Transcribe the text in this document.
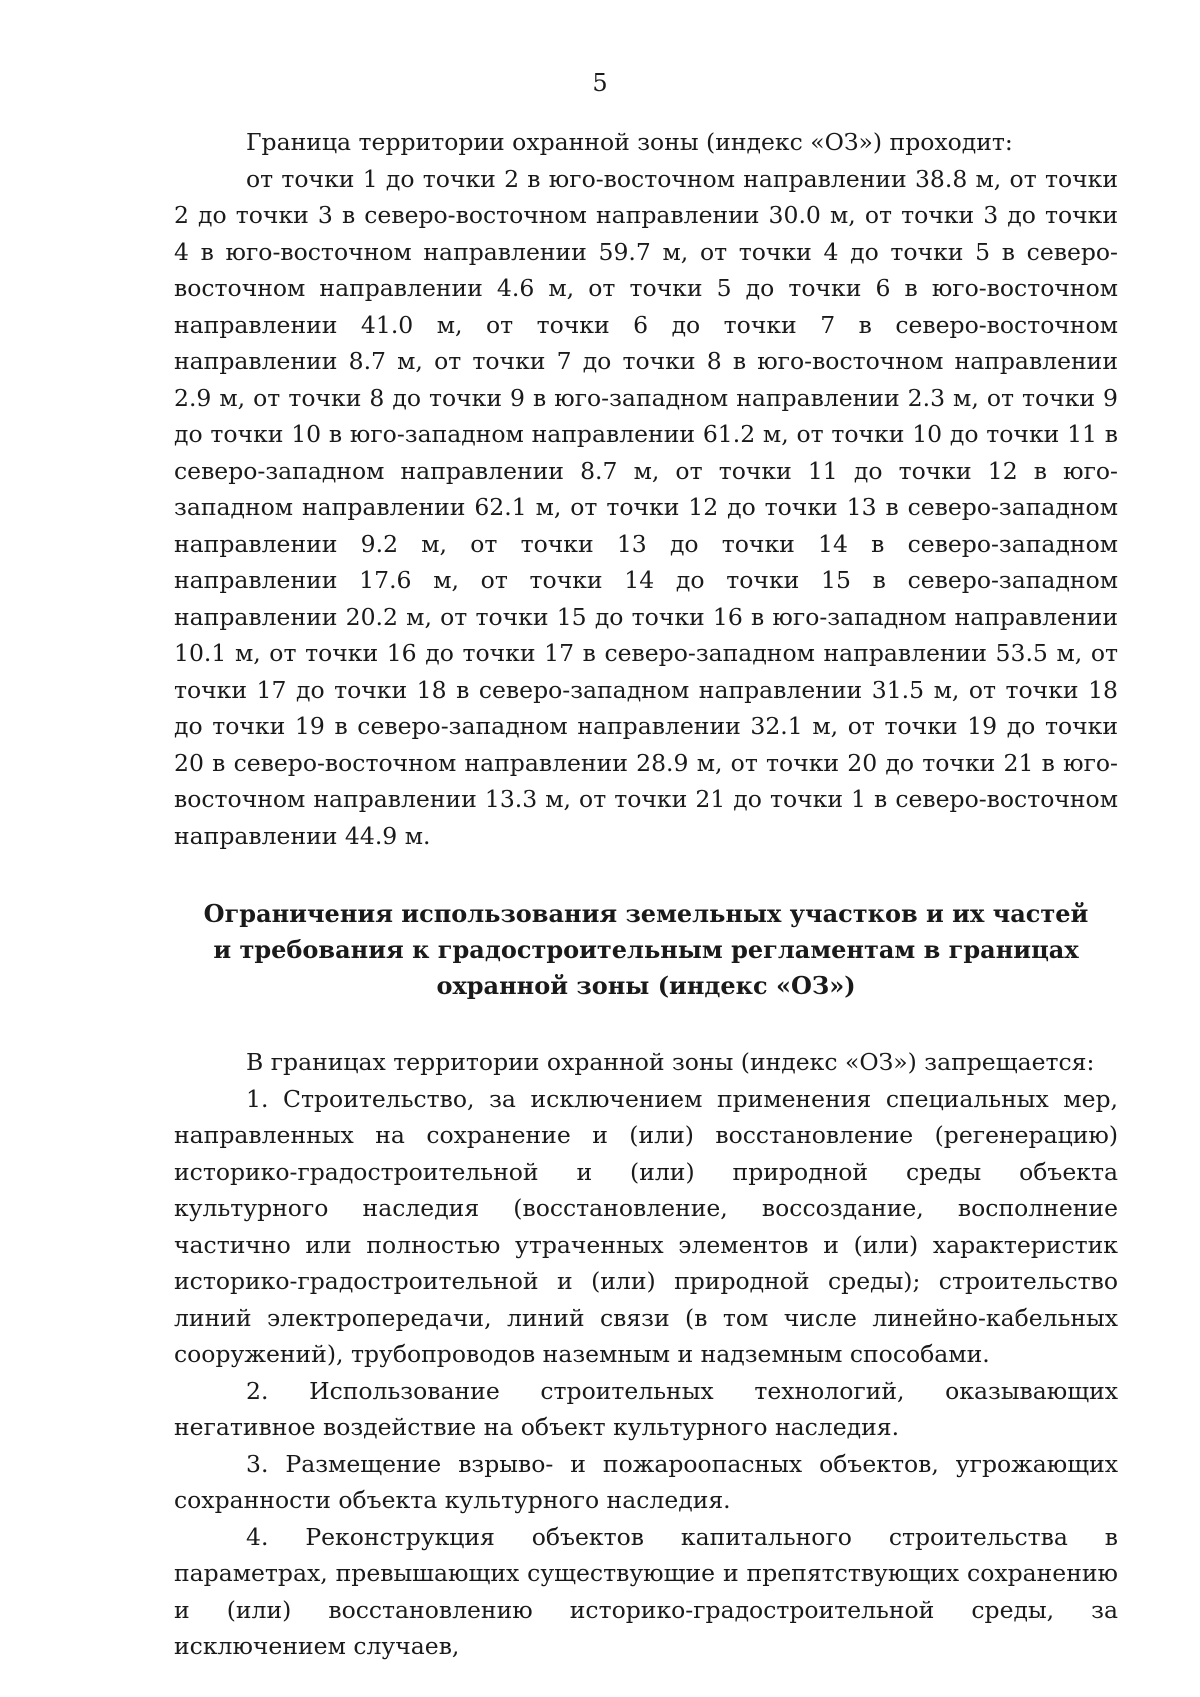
5

Граница территории охранной зоны (индекс «ОЗ») проходит:

от точки 1 до точки 2 в юго-восточном направлении 38.8 м, от точки 2 до точки 3 в северо-восточном направлении 30.0 м, от точки 3 до точки 4 в юго-восточном направлении 59.7 м, от точки 4 до точки 5 в северо-восточном направлении 4.6 м, от точки 5 до точки 6 в юго-восточном направлении 41.0 м, от точки 6 до точки 7 в северо-восточном направлении 8.7 м, от точки 7 до точки 8 в юго-восточном направлении 2.9 м, от точки 8 до точки 9 в юго-западном направлении 2.3 м, от точки 9 до точки 10 в юго-западном направлении 61.2 м, от точки 10 до точки 11 в северо-западном направлении 8.7 м, от точки 11 до точки 12 в юго-западном направлении 62.1 м, от точки 12 до точки 13 в северо-западном направлении 9.2 м, от точки 13 до точки 14 в северо-западном направлении 17.6 м, от точки 14 до точки 15 в северо-западном направлении 20.2 м, от точки 15 до точки 16 в юго-западном направлении 10.1 м, от точки 16 до точки 17 в северо-западном направлении 53.5 м, от точки 17 до точки 18 в северо-западном направлении 31.5 м, от точки 18 до точки 19 в северо-западном направлении 32.1 м, от точки 19 до точки 20 в северо-восточном направлении 28.9 м, от точки 20 до точки 21 в юго-восточном направлении 13.3 м, от точки 21 до точки 1 в северо-восточном направлении 44.9 м.

Ограничения использования земельных участков и их частей
и требования к градостроительным регламентам в границах
охранной зоны (индекс «ОЗ»)

В границах территории охранной зоны (индекс «ОЗ») запрещается:

1. Строительство, за исключением применения специальных мер, направленных на сохранение и (или) восстановление (регенерацию) историко-градостроительной и (или) природной среды объекта культурного наследия (восстановление, воссоздание, восполнение частично или полностью утраченных элементов и (или) характеристик историко-градостроительной и (или) природной среды); строительство линий электропередачи, линий связи (в том числе линейно-кабельных сооружений), трубопроводов наземным и надземным способами.

2. Использование строительных технологий, оказывающих негативное воздействие на объект культурного наследия.

3. Размещение взрыво- и пожароопасных объектов, угрожающих сохранности объекта культурного наследия.

4. Реконструкция объектов капитального строительства в параметрах, превышающих существующие и препятствующих сохранению и (или) восстановлению историко-градостроительной среды, за исключением случаев,
